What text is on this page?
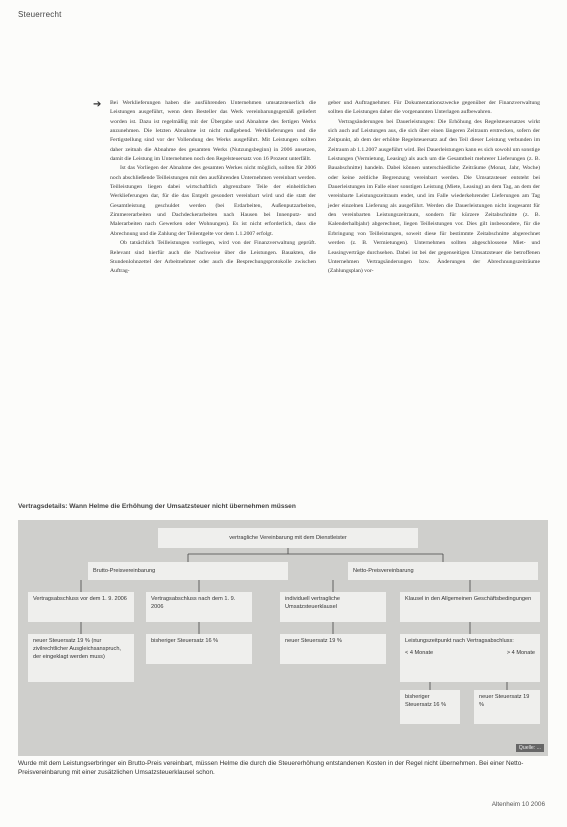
Steuerrecht
➔ Bei Werklieferungen haben die ausführenden Unternehmen umsatzsteuerlich die Leistungen ausgeführt, wenn dem Besteller das Werk vereinbarungsgemäß geliefert worden ist. Dazu ist regelmäßig mit der Übergabe und Abnahme des fertigen Werks anzunehmen. Die letzten Abnahme ist nicht maßgebend. Werklieferungen und die Fertigstellung sind vor der Vollendung des Werks ausgeführt. Mit Leistungen sollten daher zeitnah die Abnahme des gesamten Werks (Nutzungsbeginn) in 2006 ansetzen, damit die Leistung im Unternehmen noch den Regelsteuersatz von 16 Prozent unterfällt.

Ist das Vorliegen der Abnahme des gesamten Werkes nicht möglich, sollten für 2006 noch abschließende Teilleistungen mit den ausführenden Unternehmen vereinbart werden. Teilleistungen liegen dabei wirtschaftlich abgrenzbare Teile der einheitlichen Werklieferungen dar, für die das Entgelt gesondert vereinbart wird und die statt der Gesamtleistung geschuldet werden (bei Erdarbeiten, Außenputzarbeiten, Zimmererarbeiten und Dachdeckerarbeiten nach Hausen bei Innenputz- und Malerarbeiten nach Gewerken oder Wohnungen). Es ist nicht erforderlich, dass die Abrechnung und die Zahlung der Teilentgelte vor dem 1.1.2007 erfolgt.

Ob tatsächlich Teilleistungen vorliegen, wird von der Finanzverwaltung geprüft. Relevant sind hierfür auch die Nachweise über die Leistungen. Bauakten, die Stundenlohnzettel der Arbeitnehmer oder auch die Besprechungsprotokolle zwischen Auftrag-

geber und Auftragnehmer. Für Dokumentationszwecke gegenüber der Finanzverwaltung sollten die Leistungen daher die vorgenannten Unterlagen aufbewahren.

Vertragsänderungen bei Dauerleistungen: Die Erhöhung des Regelsteuersatzes wirkt sich auch auf Leistungen aus, die sich über einen längeren Zeitraum erstrecken, sofern der Zeitpunkt, ab dem der erhöhte Regelsteuersatz auf den Teil dieser Leistung verbunden im Zeitraum ab 1.1.2007 ausgeführt wird. Bei Dauerleistungen kann es sich sowohl um sonstige Leistungen (Vermietung, Leasing) als auch um die Gesamtheit mehrerer Lieferungen (z. B. Bauabschnitte) handeln. Dabei können unterschiedliche Zeiträume (Monat, Jahr, Woche) oder keine zeitliche Begrenzung vereinbart werden. Die Umsatzsteuer entsteht bei Dauerleistungen im Falle einer sonstigen Leistung (Miete, Leasing) an dem Tag, an dem der vereinbarte Leistungszeitraum endet, und im Falle wiederkehrender Lieferungen am Tag jeder einzelnen Lieferung als ausgeführt. Werden die Dauerleistungen nicht insgesamt für den vereinbarten Leistungszeitraum, sondern für kürzere Zeitabschnitte (z. B. Kalenderhalbjahr) abgerechnet, liegen Teilleistungen vor. Dies gilt insbesondere, für die Erbringung von Teilleistungen, soweit diese für bestimmte Zeitabschnitte abgerechnet werden (z. B. Vermietungen). Unternehmen sollten abgeschlossene Miet- und Leasingverträge durchsehen. Dabei ist bei der gegenseitigen Umsatzsteuer die betroffenen Unternehmen Vertragsänderungen bzw. Änderungen der Abrechnungszeiträume (Zahlungsplan) vor-

Vertragsdetails: Wann Helme die Erhöhung der Umsatzsteuer nicht übernehmen müssen
vertragliche Vereinbarung mit dem Dienstleister
Brutto-Preisvereinbarung	Netto-Preisvereinbarung
Vertragsabschluss vor dem 1. 9. 2006	Vertragsabschluss nach dem 1. 9. 2006
individuell vertragliche Umsatzsteuerklausel
Klausel in den Allgemeinen Geschäftsbedingungen
neuer Steuersatz 19 % (nur zivilrechtlicher Ausgleichsanspruch, der eingeklagt werden muss)
bisheriger Steuersatz 16 %	neuer Steuersatz 19 %	Leistungszeitpunkt nach Vertragsabschluss:
< 4 Monate	> 4 Monate
bisheriger Steuersatz 16 %
neuer Steuersatz 19 %
Quelle: ...
Wurde mit dem Leistungserbringer ein Brutto-Preis vereinbart, müssen Helme die durch die Steuererhöhung entstandenen Kosten in der Regel nicht übernehmen. Bei einer Netto-Preisvereinbarung mit einer zusätzlichen Umsatzsteuerklausel schon.
Altenheim 10 2006
